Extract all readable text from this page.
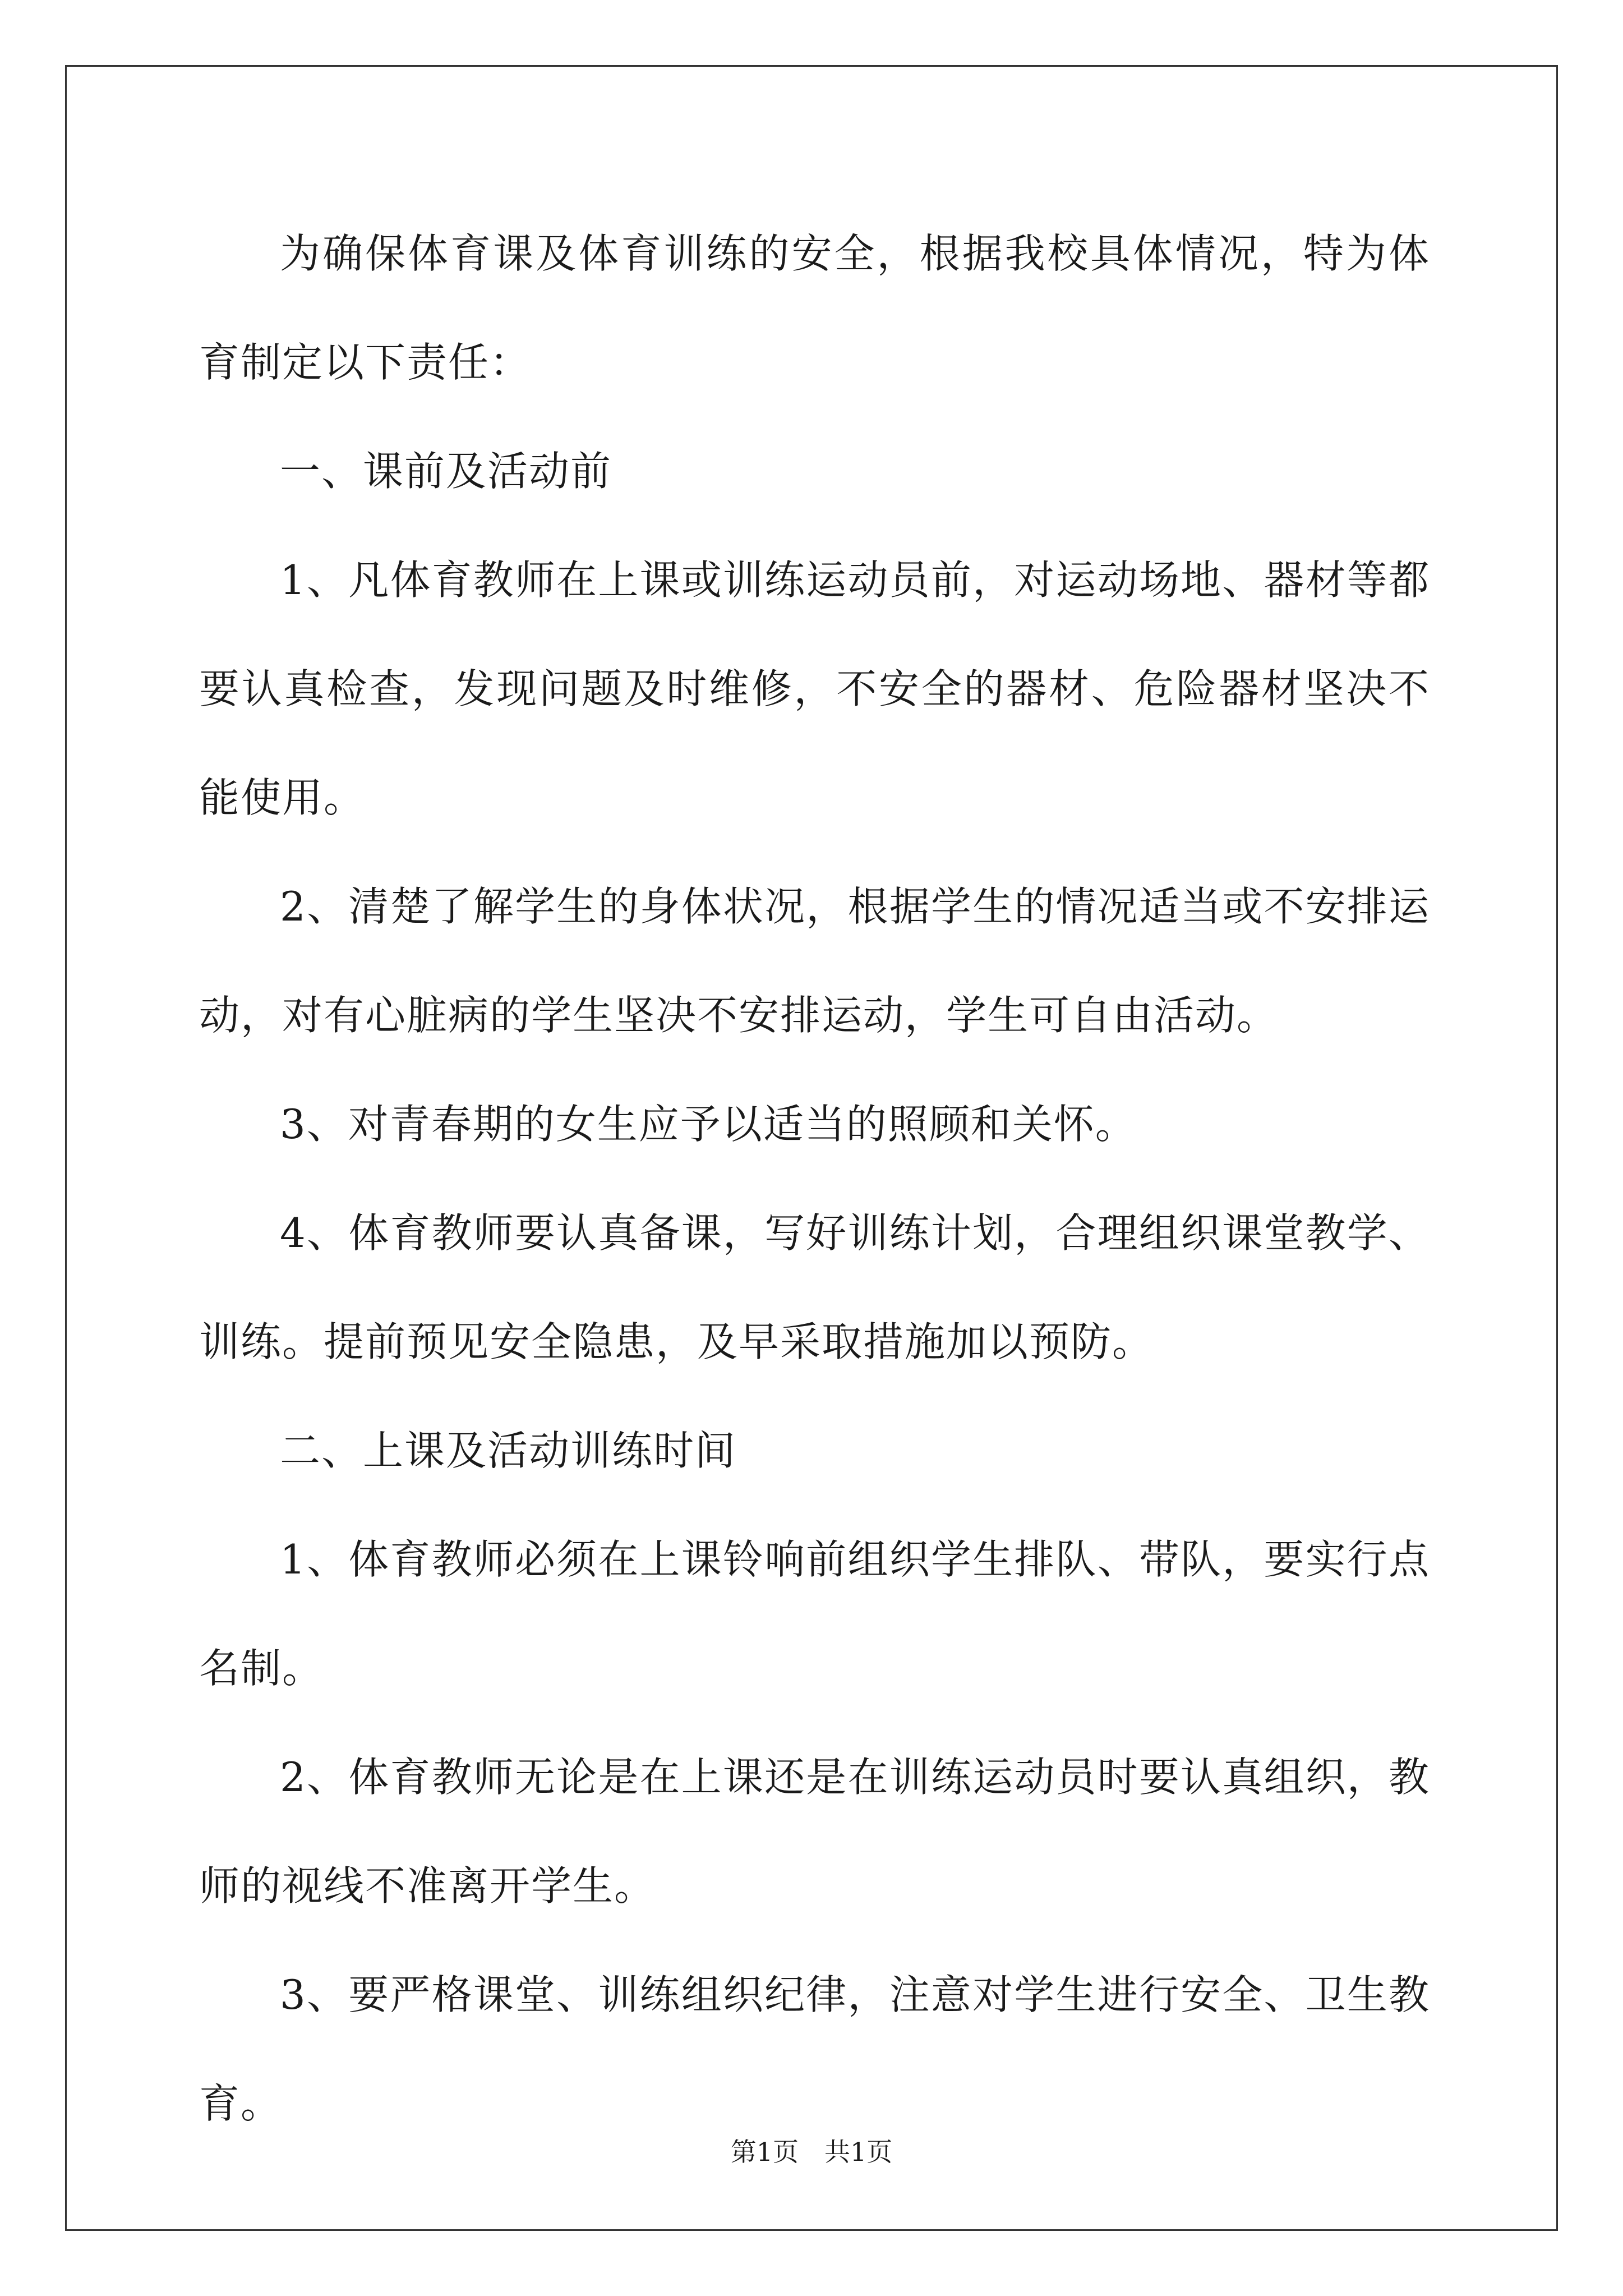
为确保体育课及体育训练的安全，根据我校具体情况，特为体育制定以下责任：

一、课前及活动前

1、凡体育教师在上课或训练运动员前，对运动场地、器材等都要认真检查，发现问题及时维修，不安全的器材、危险器材坚决不能使用。

2、清楚了解学生的身体状况，根据学生的情况适当或不安排运动，对有心脏病的学生坚决不安排运动，学生可自由活动。

3、对青春期的女生应予以适当的照顾和关怀。

4、体育教师要认真备课，写好训练计划，合理组织课堂教学、训练。提前预见安全隐患，及早采取措施加以预防。

二、上课及活动训练时间

1、体育教师必须在上课铃响前组织学生排队、带队，要实行点名制。

2、体育教师无论是在上课还是在训练运动员时要认真组织，教师的视线不准离开学生。

3、要严格课堂、训练组织纪律，注意对学生进行安全、卫生教育。

第1页　共1页
